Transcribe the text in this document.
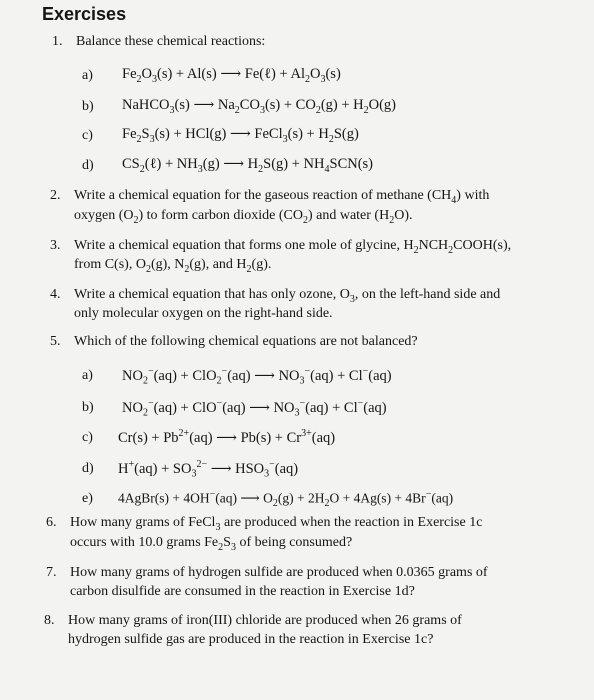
Exercises
1. Balance these chemical reactions:
a) $Fe_2O_3(s) + Al(s)$ ⟶ Fe(ℓ) + $Al_2O_3(s)$
b) NaHCO$_3$(s) ⟶ $Na_2CO_3(s) + CO_2(g) + H_2O(g)$
c) $Fe_2S_3(s) + HCl(g)$ ⟶ FeCl$_3$(s) + $H_2S(g)$
d) $CS_2(\ell) + NH_3(g)$ ⟶ $H_2S(g) + NH_4SCN(s)$
2. Write a chemical equation for the gaseous reaction of methane $(CH_4)$ with
oxygen $(O_2)$ to form carbon dioxide $(CO_2)$ and water $(H_2O)$.
3. Write a chemical equation that forms one mole of glycine, $H_2NCH_2COOH(s)$,
from C(s), $O_2(g)$, $N_2(g)$, and $H_2(g)$.
4. Write a chemical equation that has only ozone, $O_3$, on the left-hand side and
only molecular oxygen on the right-hand side.
5. Which of the following chemical equations are not balanced?
a) $NO_2^-(aq) + ClO_2^-(aq)$ ⟶ $NO_3^-(aq) + Cl^-(aq)$
b) $NO_2^-(aq) + ClO^-(aq)$ ⟶ $NO_3^-(aq) + Cl^-(aq)$
c) $Cr(s) + Pb^{2+}(aq)$ ⟶ $Pb(s) + Cr^{3+}(aq)$
d) $H^+(aq) + SO_3^{2-}$ ⟶ $HSO_3^-(aq)$
e) 4AgBr(s) + 4OH−(aq) ⟶ $O_2(g) + 2H_2O + 4Ag(s) + 4Br^-(aq)$
6. How many grams of FeCl$_3$ are produced when the reaction in Exercise 1c
occurs with 10.0 grams $Fe_2S_3$ of being consumed?
7. How many grams of hydrogen sulfide are produced when 0.0365 grams of
carbon disulfide are consumed in the reaction in Exercise 1d?
8. How many grams of iron(III) chloride are produced when 26 grams of
hydrogen sulfide gas are produced in the reaction in Exercise 1c?
